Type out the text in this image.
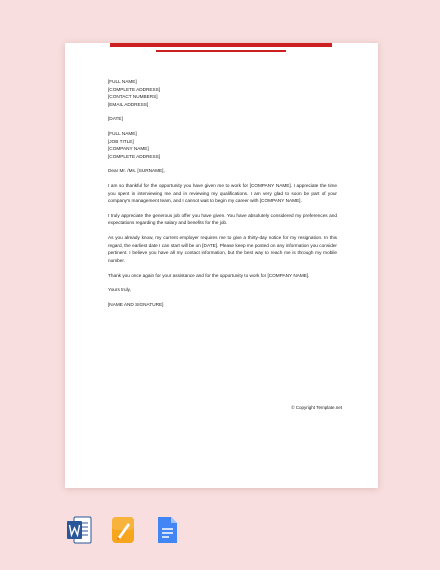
[FULL NAME]

[COMPLETE ADDRESS]

[CONTACT NUMBERS]

[EMAIL ADDRESS]

[DATE]

[FULL NAME]

[JOB TITLE]

[COMPANY NAME]

[COMPLETE ADDRESS]

Dear Mr. /Ms. [SURNAME],

I am so thankful for the opportunity you have given me to work for [COMPANY NAME]. I appreciate the time you spent in interviewing me and in reviewing my qualifications. I am very glad to soon be part of your company's management team, and I cannot wait to begin my career with [COMPANY NAME].

I truly appreciate the generous job offer you have given. You have absolutely considered my preferences and expectations regarding the salary and benefits for the job.

As you already know, my current employer requires me to give a thirty-day notice for my resignation. In this regard, the earliest date I can start will be on [DATE]. Please keep me posted on any information you consider pertinent. I believe you have all my contact information, but the best way to reach me is through my mobile number.

Thank you once again for your assistance and for the opportunity to work for [COMPANY NAME].

Yours truly,

[NAME AND SIGNATURE]

© Copyright Template.net
